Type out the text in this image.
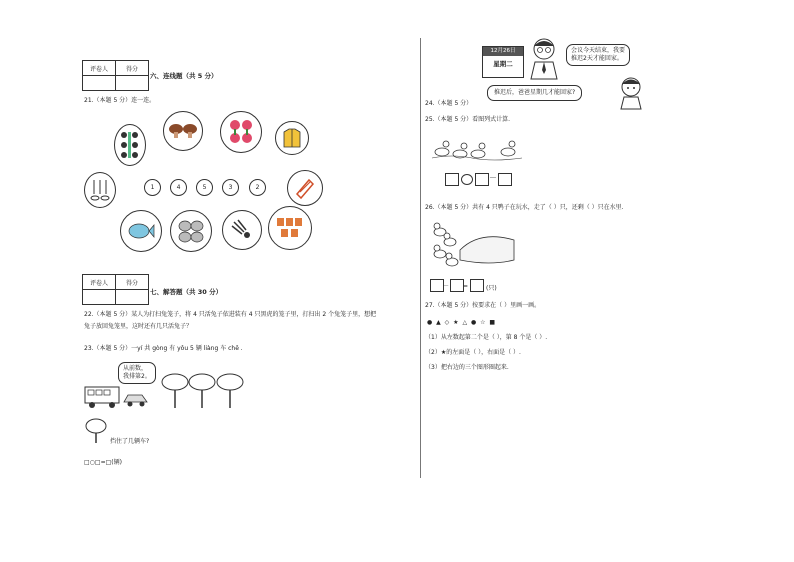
评卷人	得分

六、连线题（共 5 分）
21.（本题 5 分）连一连。
1	4	5	3	2
评卷人	得分

七、解答题（共 30 分）
22.（本题 5 分）某人为打扫兔笼子，将 4 只活兔子依进装有 4 只黑虎的笼子里，打扫出 2 个兔笼子里，想把
兔子放回兔笼里，这时还有几只活兔子？
23.（本题 5 分）一yí 共 gòng 有 yǒu 5 辆 liàng 车 chē .
从前数，
我排第2。
挡住了几辆车?
□○□=□(辆)
12月26日
星期二
会议今天结束，我要
推迟2天才能回家。
推迟后，爸爸星期几才能回家?
24.（本题 5 分）
25.（本题 5 分）看图列式计算.
－
26.（本题 5 分）共有 4 只鸭子在玩水，走了（ ）只，还剩（ ）只在水里.
－ =	(只)
27.（本题 5 分）按要求在（ ）里画一画。
● ▲ ◇ ★ △ ● ☆ ■
（1）从左数起第二个是（ ），第 8 个是（ ）.
（2）★的左面是（ ），右面是（ ）.
（3）把右边的三个图形圈起来.
